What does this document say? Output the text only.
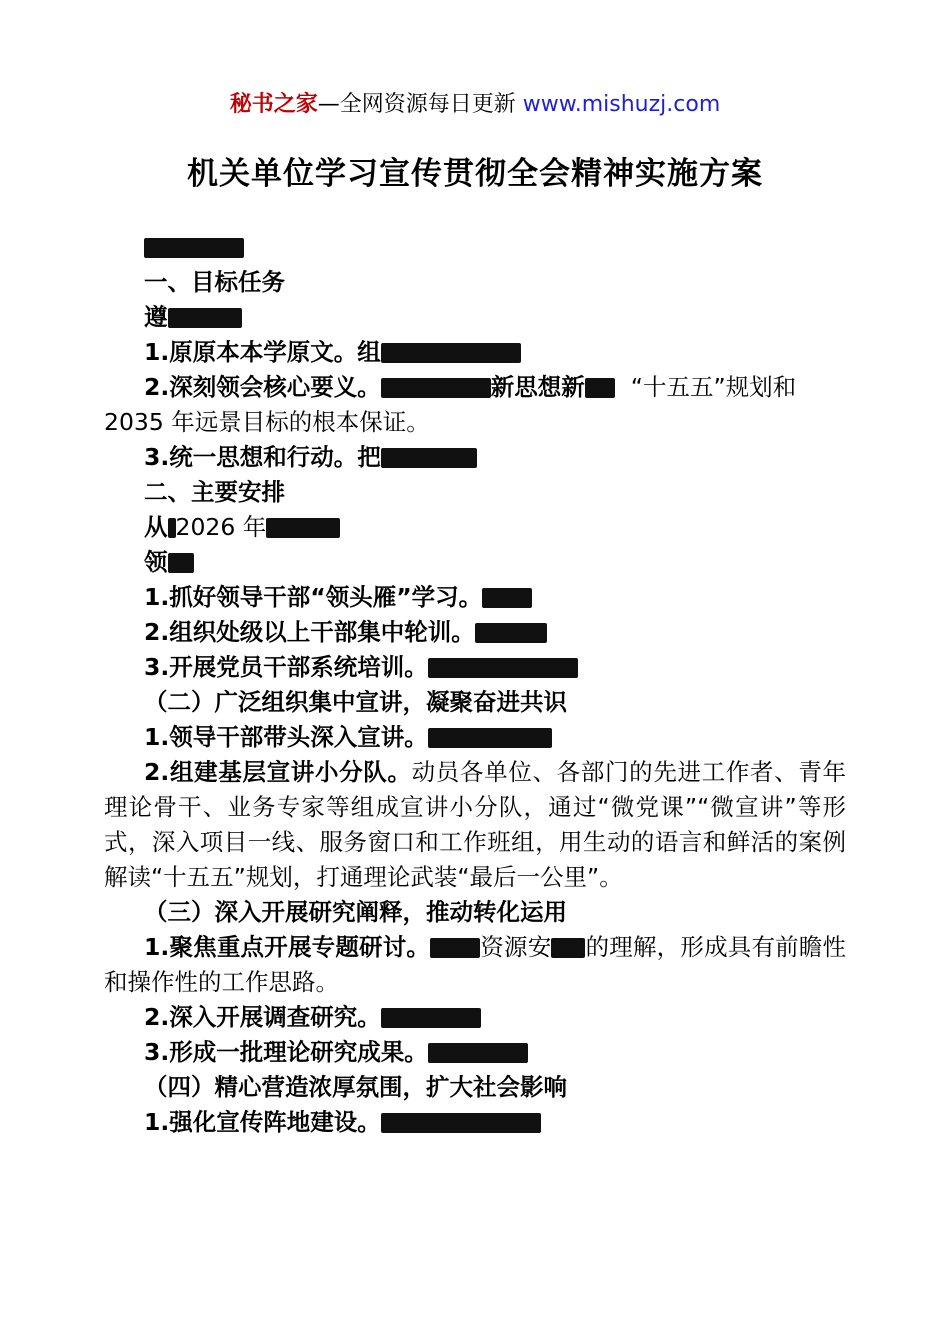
秘书之家—全网资源每日更新 www.mishuzj.com
机关单位学习宣传贯彻全会精神实施方案
一、目标任务
遵
1.原原本本学原文。组
2.深刻领会核心要义。	新思想新 “十五五”规划和
2035 年远景目标的根本保证。
3.统一思想和行动。把
二、主要安排
从 2026 年
领
1.抓好领导干部“领头雁”学习。
2.组织处级以上干部集中轮训。
3.开展党员干部系统培训。
（二）广泛组织集中宣讲，凝聚奋进共识
1.领导干部带头深入宣讲。
2.组建基层宣讲小分队。动员各单位、各部门的先进工作者、青年理论骨干、业务专家等组成宣讲小分队，通过“微党课”“微宣讲”等形式，深入项目一线、服务窗口和工作班组，用生动的语言和鲜活的案例解读“十五五”规划，打通理论武装“最后一公里”。
（三）深入开展研究阐释，推动转化运用
1.聚焦重点开展专题研讨。 资源安 的理解，形成具有前瞻性和操作性的工作思路。
2.深入开展调查研究。
3.形成一批理论研究成果。
（四）精心营造浓厚氛围，扩大社会影响
1.强化宣传阵地建设。
